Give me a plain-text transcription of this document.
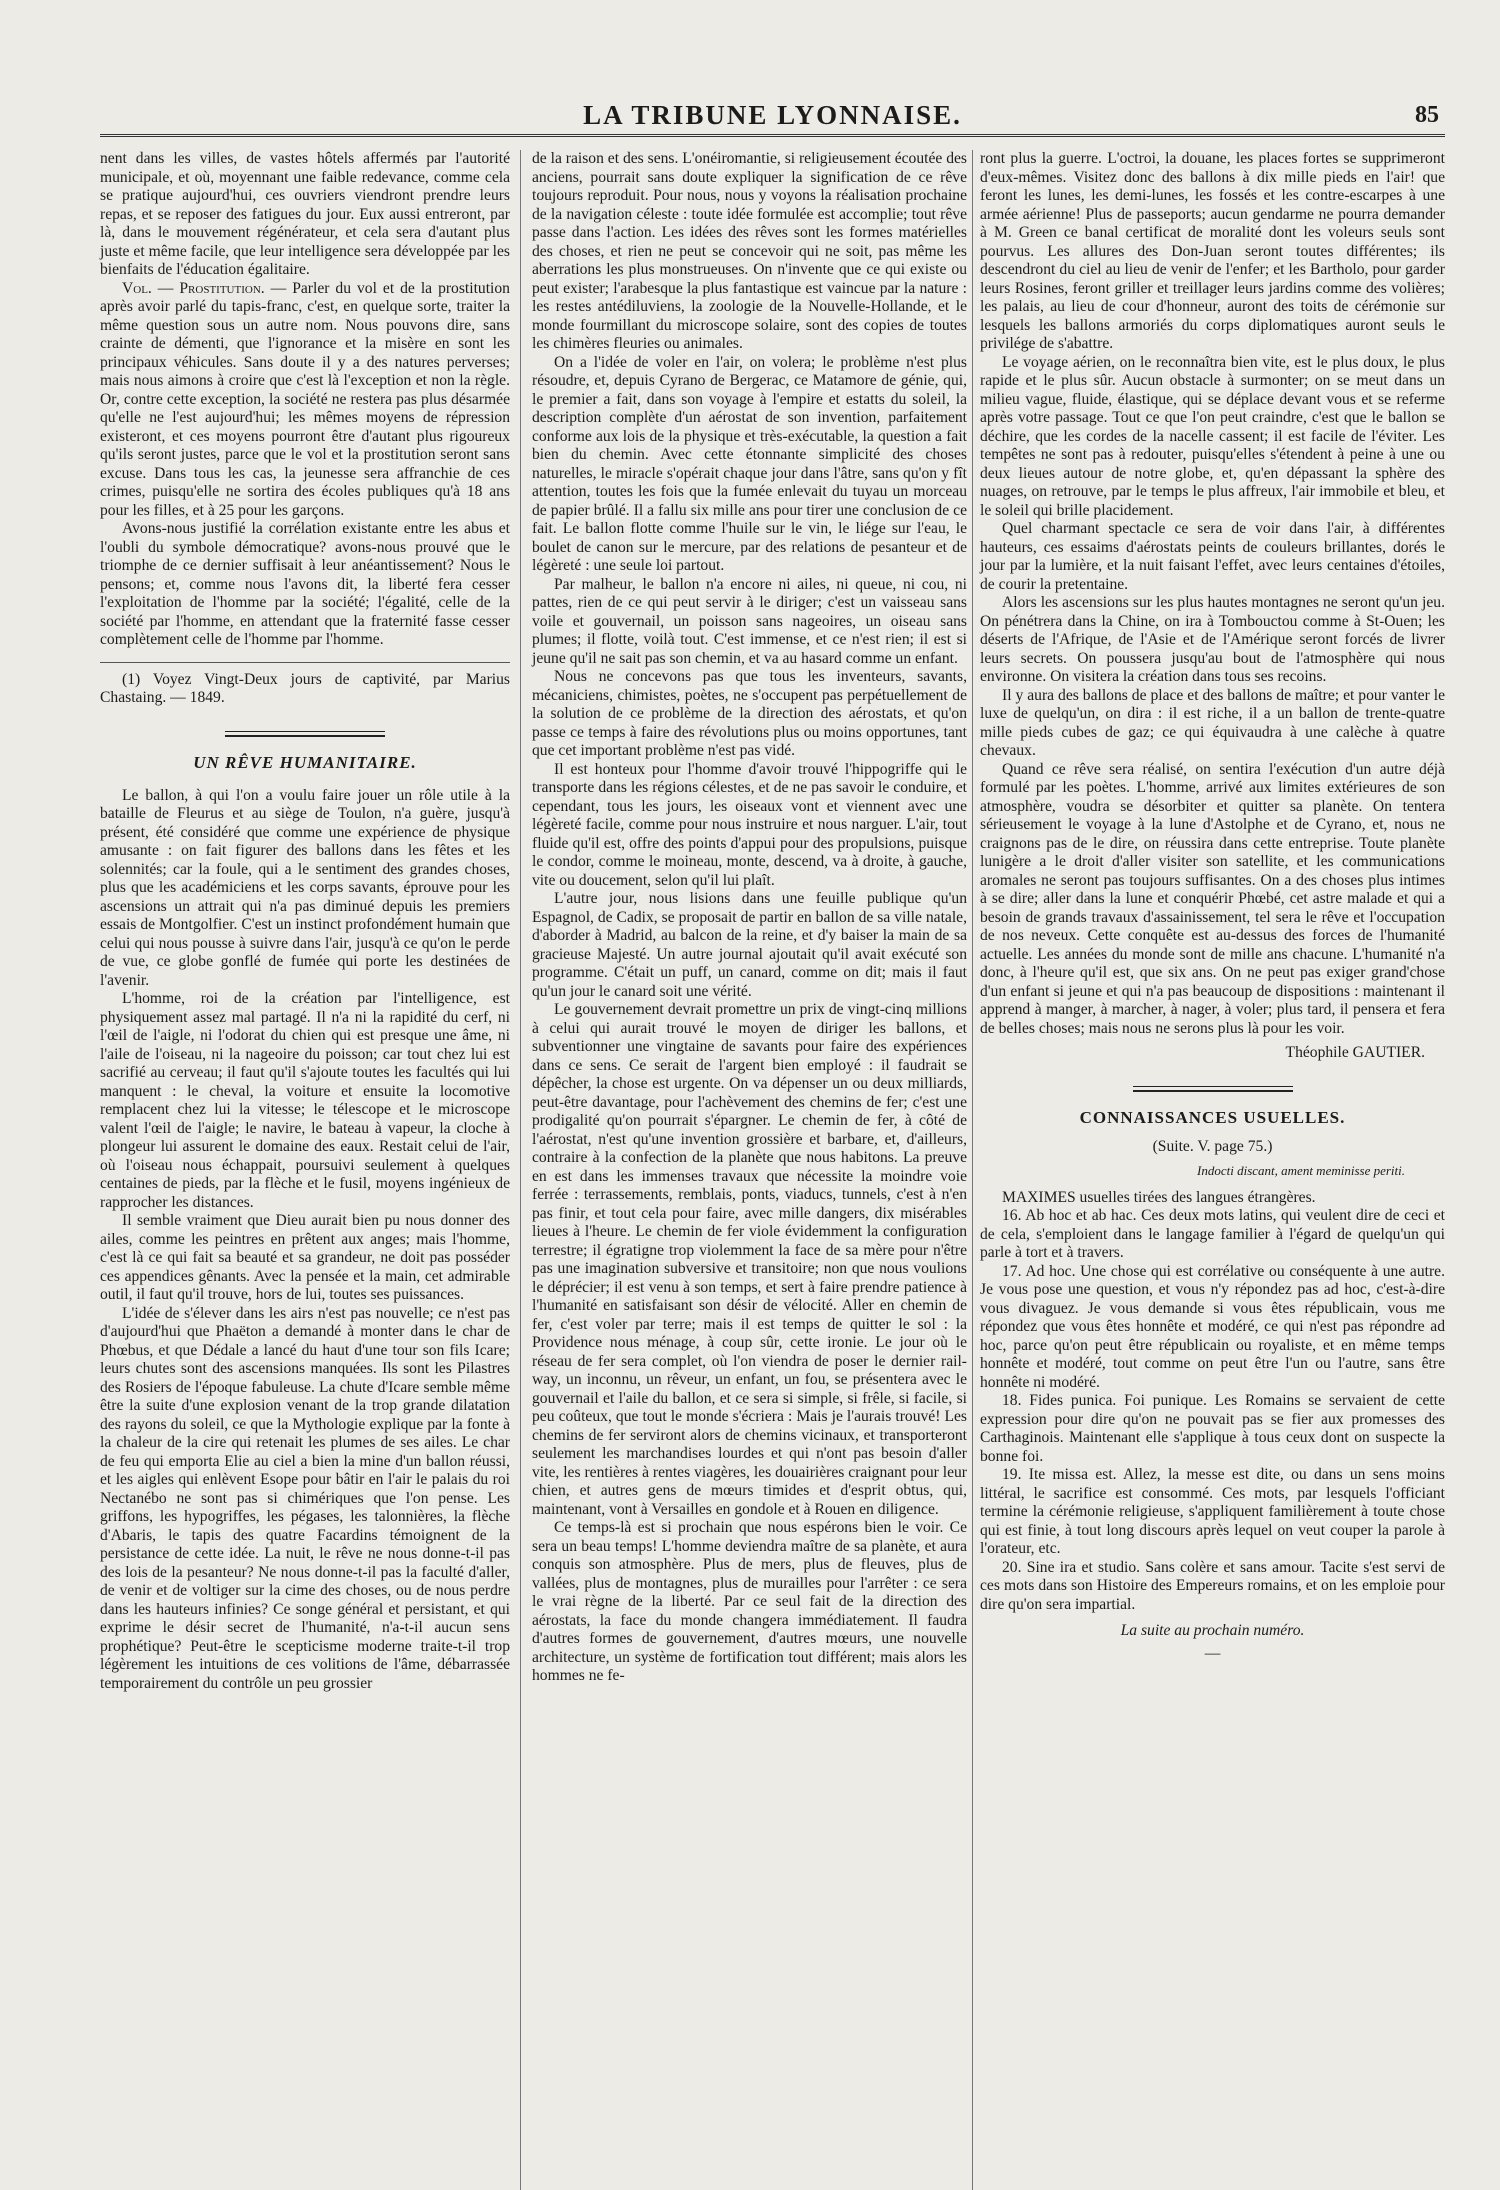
LA TRIBUNE LYONNAISE.	85

nent dans les villes, de vastes hôtels affermés par l'autorité municipale, et où, moyennant une faible redevance, comme cela se pratique aujourd'hui, ces ouvriers viendront prendre leurs repas, et se reposer des fatigues du jour. Eux aussi entreront, par là, dans le mouvement régénérateur, et cela sera d'autant plus juste et même facile, que leur intelligence sera développée par les bienfaits de l'éducation égalitaire.

Vol. — Prostitution. — Parler du vol et de la prostitution après avoir parlé du tapis-franc, c'est, en quelque sorte, traiter la même question sous un autre nom. Nous pouvons dire, sans crainte de démenti, que l'ignorance et la misère en sont les principaux véhicules. Sans doute il y a des natures perverses; mais nous aimons à croire que c'est là l'exception et non la règle. Or, contre cette exception, la société ne restera pas plus désarmée qu'elle ne l'est aujourd'hui; les mêmes moyens de répression existeront, et ces moyens pourront être d'autant plus rigoureux qu'ils seront justes, parce que le vol et la prostitution seront sans excuse. Dans tous les cas, la jeunesse sera affranchie de ces crimes, puisqu'elle ne sortira des écoles publiques qu'à 18 ans pour les filles, et à 25 pour les garçons.

Avons-nous justifié la corrélation existante entre les abus et l'oubli du symbole démocratique? avons-nous prouvé que le triomphe de ce dernier suffisait à leur anéantissement? Nous le pensons; et, comme nous l'avons dit, la liberté fera cesser l'exploitation de l'homme par la société; l'égalité, celle de la société par l'homme, en attendant que la fraternité fasse cesser complètement celle de l'homme par l'homme.

(1) Voyez Vingt-Deux jours de captivité, par Marius Chastaing. — 1849.

UN RÊVE HUMANITAIRE.

Le ballon, à qui l'on a voulu faire jouer un rôle utile à la bataille de Fleurus et au siège de Toulon, n'a guère, jusqu'à présent, été considéré que comme une expérience de physique amusante : on fait figurer des ballons dans les fêtes et les solennités; car la foule, qui a le sentiment des grandes choses, plus que les académiciens et les corps savants, éprouve pour les ascensions un attrait qui n'a pas diminué depuis les premiers essais de Montgolfier. C'est un instinct profondément humain que celui qui nous pousse à suivre dans l'air, jusqu'à ce qu'on le perde de vue, ce globe gonflé de fumée qui porte les destinées de l'avenir.

L'homme, roi de la création par l'intelligence, est physiquement assez mal partagé. Il n'a ni la rapidité du cerf, ni l'œil de l'aigle, ni l'odorat du chien qui est presque une âme, ni l'aile de l'oiseau, ni la nageoire du poisson; car tout chez lui est sacrifié au cerveau; il faut qu'il s'ajoute toutes les facultés qui lui manquent : le cheval, la voiture et ensuite la locomotive remplacent chez lui la vitesse; le télescope et le microscope valent l'œil de l'aigle; le navire, le bateau à vapeur, la cloche à plongeur lui assurent le domaine des eaux. Restait celui de l'air, où l'oiseau nous échappait, poursuivi seulement à quelques centaines de pieds, par la flèche et le fusil, moyens ingénieux de rapprocher les distances.

Il semble vraiment que Dieu aurait bien pu nous donner des ailes, comme les peintres en prêtent aux anges; mais l'homme, c'est là ce qui fait sa beauté et sa grandeur, ne doit pas posséder ces appendices gênants. Avec la pensée et la main, cet admirable outil, il faut qu'il trouve, hors de lui, toutes ses puissances.

L'idée de s'élever dans les airs n'est pas nouvelle; ce n'est pas d'aujourd'hui que Phaëton a demandé à monter dans le char de Phœbus, et que Dédale a lancé du haut d'une tour son fils Icare; leurs chutes sont des ascensions manquées. Ils sont les Pilastres des Rosiers de l'époque fabuleuse. La chute d'Icare semble même être la suite d'une explosion venant de la trop grande dilatation des rayons du soleil, ce que la Mythologie explique par la fonte à la chaleur de la cire qui retenait les plumes de ses ailes. Le char de feu qui emporta Elie au ciel a bien la mine d'un ballon réussi, et les aigles qui enlèvent Esope pour bâtir en l'air le palais du roi Nectanébo ne sont pas si chimériques que l'on pense. Les griffons, les hypogriffes, les pégases, les talonnières, la flèche d'Abaris, le tapis des quatre Facardins témoignent de la persistance de cette idée. La nuit, le rêve ne nous donne-t-il pas des lois de la pesanteur? Ne nous donne-t-il pas la faculté d'aller, de venir et de voltiger sur la cime des choses, ou de nous perdre dans les hauteurs infinies? Ce songe général et persistant, et qui exprime le désir secret de l'humanité, n'a-t-il aucun sens prophétique? Peut-être le scepticisme moderne traite-t-il trop légèrement les intuitions de ces volitions de l'âme, débarrassée temporairement du contrôle un peu grossier

de la raison et des sens. L'onéiromantie, si religieusement écoutée des anciens, pourrait sans doute expliquer la signification de ce rêve toujours reproduit. Pour nous, nous y voyons la réalisation prochaine de la navigation céleste : toute idée formulée est accomplie; tout rêve passe dans l'action. Les idées des rêves sont les formes matérielles des choses, et rien ne peut se concevoir qui ne soit, pas même les aberrations les plus monstrueuses. On n'invente que ce qui existe ou peut exister; l'arabesque la plus fantastique est vaincue par la nature : les restes antédiluviens, la zoologie de la Nouvelle-Hollande, et le monde fourmillant du microscope solaire, sont des copies de toutes les chimères fleuries ou animales.

On a l'idée de voler en l'air, on volera; le problème n'est plus résoudre, et, depuis Cyrano de Bergerac, ce Matamore de génie, qui, le premier a fait, dans son voyage à l'empire et estatts du soleil, la description complète d'un aérostat de son invention, parfaitement conforme aux lois de la physique et très-exécutable, la question a fait bien du chemin. Avec cette étonnante simplicité des choses naturelles, le miracle s'opérait chaque jour dans l'âtre, sans qu'on y fît attention, toutes les fois que la fumée enlevait du tuyau un morceau de papier brûlé. Il a fallu six mille ans pour tirer une conclusion de ce fait. Le ballon flotte comme l'huile sur le vin, le liége sur l'eau, le boulet de canon sur le mercure, par des relations de pesanteur et de légèreté : une seule loi partout.

Par malheur, le ballon n'a encore ni ailes, ni queue, ni cou, ni pattes, rien de ce qui peut servir à le diriger; c'est un vaisseau sans voile et gouvernail, un poisson sans nageoires, un oiseau sans plumes; il flotte, voilà tout. C'est immense, et ce n'est rien; il est si jeune qu'il ne sait pas son chemin, et va au hasard comme un enfant.

Nous ne concevons pas que tous les inventeurs, savants, mécaniciens, chimistes, poètes, ne s'occupent pas perpétuellement de la solution de ce problème de la direction des aérostats, et qu'on passe ce temps à faire des révolutions plus ou moins opportunes, tant que cet important problème n'est pas vidé.

Il est honteux pour l'homme d'avoir trouvé l'hippogriffe qui le transporte dans les régions célestes, et de ne pas savoir le conduire, et cependant, tous les jours, les oiseaux vont et viennent avec une légèreté facile, comme pour nous instruire et nous narguer. L'air, tout fluide qu'il est, offre des points d'appui pour des propulsions, puisque le condor, comme le moineau, monte, descend, va à droite, à gauche, vite ou doucement, selon qu'il lui plaît.

L'autre jour, nous lisions dans une feuille publique qu'un Espagnol, de Cadix, se proposait de partir en ballon de sa ville natale, d'aborder à Madrid, au balcon de la reine, et d'y baiser la main de sa gracieuse Majesté. Un autre journal ajoutait qu'il avait exécuté son programme. C'était un puff, un canard, comme on dit; mais il faut qu'un jour le canard soit une vérité.

Le gouvernement devrait promettre un prix de vingt-cinq millions à celui qui aurait trouvé le moyen de diriger les ballons, et subventionner une vingtaine de savants pour faire des expériences dans ce sens. Ce serait de l'argent bien employé : il faudrait se dépêcher, la chose est urgente. On va dépenser un ou deux milliards, peut-être davantage, pour l'achèvement des chemins de fer; c'est une prodigalité qu'on pourrait s'épargner. Le chemin de fer, à côté de l'aérostat, n'est qu'une invention grossière et barbare, et, d'ailleurs, contraire à la confection de la planète que nous habitons. La preuve en est dans les immenses travaux que nécessite la moindre voie ferrée : terrassements, remblais, ponts, viaducs, tunnels, c'est à n'en pas finir, et tout cela pour faire, avec mille dangers, dix misérables lieues à l'heure. Le chemin de fer viole évidemment la configuration terrestre; il égratigne trop violemment la face de sa mère pour n'être pas une imagination subversive et transitoire; non que nous voulions le déprécier; il est venu à son temps, et sert à faire prendre patience à l'humanité en satisfaisant son désir de vélocité. Aller en chemin de fer, c'est voler par terre; mais il est temps de quitter le sol : la Providence nous ménage, à coup sûr, cette ironie. Le jour où le réseau de fer sera complet, où l'on viendra de poser le dernier rail-way, un inconnu, un rêveur, un enfant, un fou, se présentera avec le gouvernail et l'aile du ballon, et ce sera si simple, si frêle, si facile, si peu coûteux, que tout le monde s'écriera : Mais je l'aurais trouvé! Les chemins de fer serviront alors de chemins vicinaux, et transporteront seulement les marchandises lourdes et qui n'ont pas besoin d'aller vite, les rentières à rentes viagères, les douairières craignant pour leur chien, et autres gens de mœurs timides et d'esprit obtus, qui, maintenant, vont à Versailles en gondole et à Rouen en diligence.

Ce temps-là est si prochain que nous espérons bien le voir. Ce sera un beau temps! L'homme deviendra maître de sa planète, et aura conquis son atmosphère. Plus de mers, plus de fleuves, plus de vallées, plus de montagnes, plus de murailles pour l'arrêter : ce sera le vrai règne de la liberté. Par ce seul fait de la direction des aérostats, la face du monde changera immédiatement. Il faudra d'autres formes de gouvernement, d'autres mœurs, une nouvelle architecture, un système de fortification tout différent; mais alors les hommes ne fe-

ront plus la guerre. L'octroi, la douane, les places fortes se supprimeront d'eux-mêmes. Visitez donc des ballons à dix mille pieds en l'air! que feront les lunes, les demi-lunes, les fossés et les contre-escarpes à une armée aérienne! Plus de passeports; aucun gendarme ne pourra demander à M. Green ce banal certificat de moralité dont les voleurs seuls sont pourvus. Les allures des Don-Juan seront toutes différentes; ils descendront du ciel au lieu de venir de l'enfer; et les Bartholo, pour garder leurs Rosines, feront griller et treillager leurs jardins comme des volières; les palais, au lieu de cour d'honneur, auront des toits de cérémonie sur lesquels les ballons armoriés du corps diplomatiques auront seuls le privilége de s'abattre.

Le voyage aérien, on le reconnaîtra bien vite, est le plus doux, le plus rapide et le plus sûr. Aucun obstacle à surmonter; on se meut dans un milieu vague, fluide, élastique, qui se déplace devant vous et se referme après votre passage. Tout ce que l'on peut craindre, c'est que le ballon se déchire, que les cordes de la nacelle cassent; il est facile de l'éviter. Les tempêtes ne sont pas à redouter, puisqu'elles s'étendent à peine à une ou deux lieues autour de notre globe, et, qu'en dépassant la sphère des nuages, on retrouve, par le temps le plus affreux, l'air immobile et bleu, et le soleil qui brille placidement.

Quel charmant spectacle ce sera de voir dans l'air, à différentes hauteurs, ces essaims d'aérostats peints de couleurs brillantes, dorés le jour par la lumière, et la nuit faisant l'effet, avec leurs centaines d'étoiles, de courir la pretentaine.

Alors les ascensions sur les plus hautes montagnes ne seront qu'un jeu. On pénétrera dans la Chine, on ira à Tombouctou comme à St-Ouen; les déserts de l'Afrique, de l'Asie et de l'Amérique seront forcés de livrer leurs secrets. On poussera jusqu'au bout de l'atmosphère qui nous environne. On visitera la création dans tous ses recoins.

Il y aura des ballons de place et des ballons de maître; et pour vanter le luxe de quelqu'un, on dira : il est riche, il a un ballon de trente-quatre mille pieds cubes de gaz; ce qui équivaudra à une calèche à quatre chevaux.

Quand ce rêve sera réalisé, on sentira l'exécution d'un autre déjà formulé par les poètes. L'homme, arrivé aux limites extérieures de son atmosphère, voudra se désorbiter et quitter sa planète. On tentera sérieusement le voyage à la lune d'Astolphe et de Cyrano, et, nous ne craignons pas de le dire, on réussira dans cette entreprise. Toute planète lunigère a le droit d'aller visiter son satellite, et les communications aromales ne seront pas toujours suffisantes. On a des choses plus intimes à se dire; aller dans la lune et conquérir Phœbé, cet astre malade et qui a besoin de grands travaux d'assainissement, tel sera le rêve et l'occupation de nos neveux. Cette conquête est au-dessus des forces de l'humanité actuelle. Les années du monde sont de mille ans chacune. L'humanité n'a donc, à l'heure qu'il est, que six ans. On ne peut pas exiger grand'chose d'un enfant si jeune et qui n'a pas beaucoup de dispositions : maintenant il apprend à manger, à marcher, à nager, à voler; plus tard, il pensera et fera de belles choses; mais nous ne serons plus là pour les voir.

Théophile GAUTIER.
CONNAISSANCES USUELLES.
(Suite. V. page 75.)
Indocti discant, ament meminisse periti.

MAXIMES usuelles tirées des langues étrangères.

16. Ab hoc et ab hac. Ces deux mots latins, qui veulent dire de ceci et de cela, s'emploient dans le langage familier à l'égard de quelqu'un qui parle à tort et à travers.

17. Ad hoc. Une chose qui est corrélative ou conséquente à une autre. Je vous pose une question, et vous n'y répondez pas ad hoc, c'est-à-dire vous divaguez. Je vous demande si vous êtes républicain, vous me répondez que vous êtes honnête et modéré, ce qui n'est pas répondre ad hoc, parce qu'on peut être républicain ou royaliste, et en même temps honnête et modéré, tout comme on peut être l'un ou l'autre, sans être honnête ni modéré.

18. Fides punica. Foi punique. Les Romains se servaient de cette expression pour dire qu'on ne pouvait pas se fier aux promesses des Carthaginois. Maintenant elle s'applique à tous ceux dont on suspecte la bonne foi.

19. Ite missa est. Allez, la messe est dite, ou dans un sens moins littéral, le sacrifice est consommé. Ces mots, par lesquels l'officiant termine la cérémonie religieuse, s'appliquent familièrement à toute chose qui est finie, à tout long discours après lequel on veut couper la parole à l'orateur, etc.

20. Sine ira et studio. Sans colère et sans amour. Tacite s'est servi de ces mots dans son Histoire des Empereurs romains, et on les emploie pour dire qu'on sera impartial.

La suite au prochain numéro.
—
